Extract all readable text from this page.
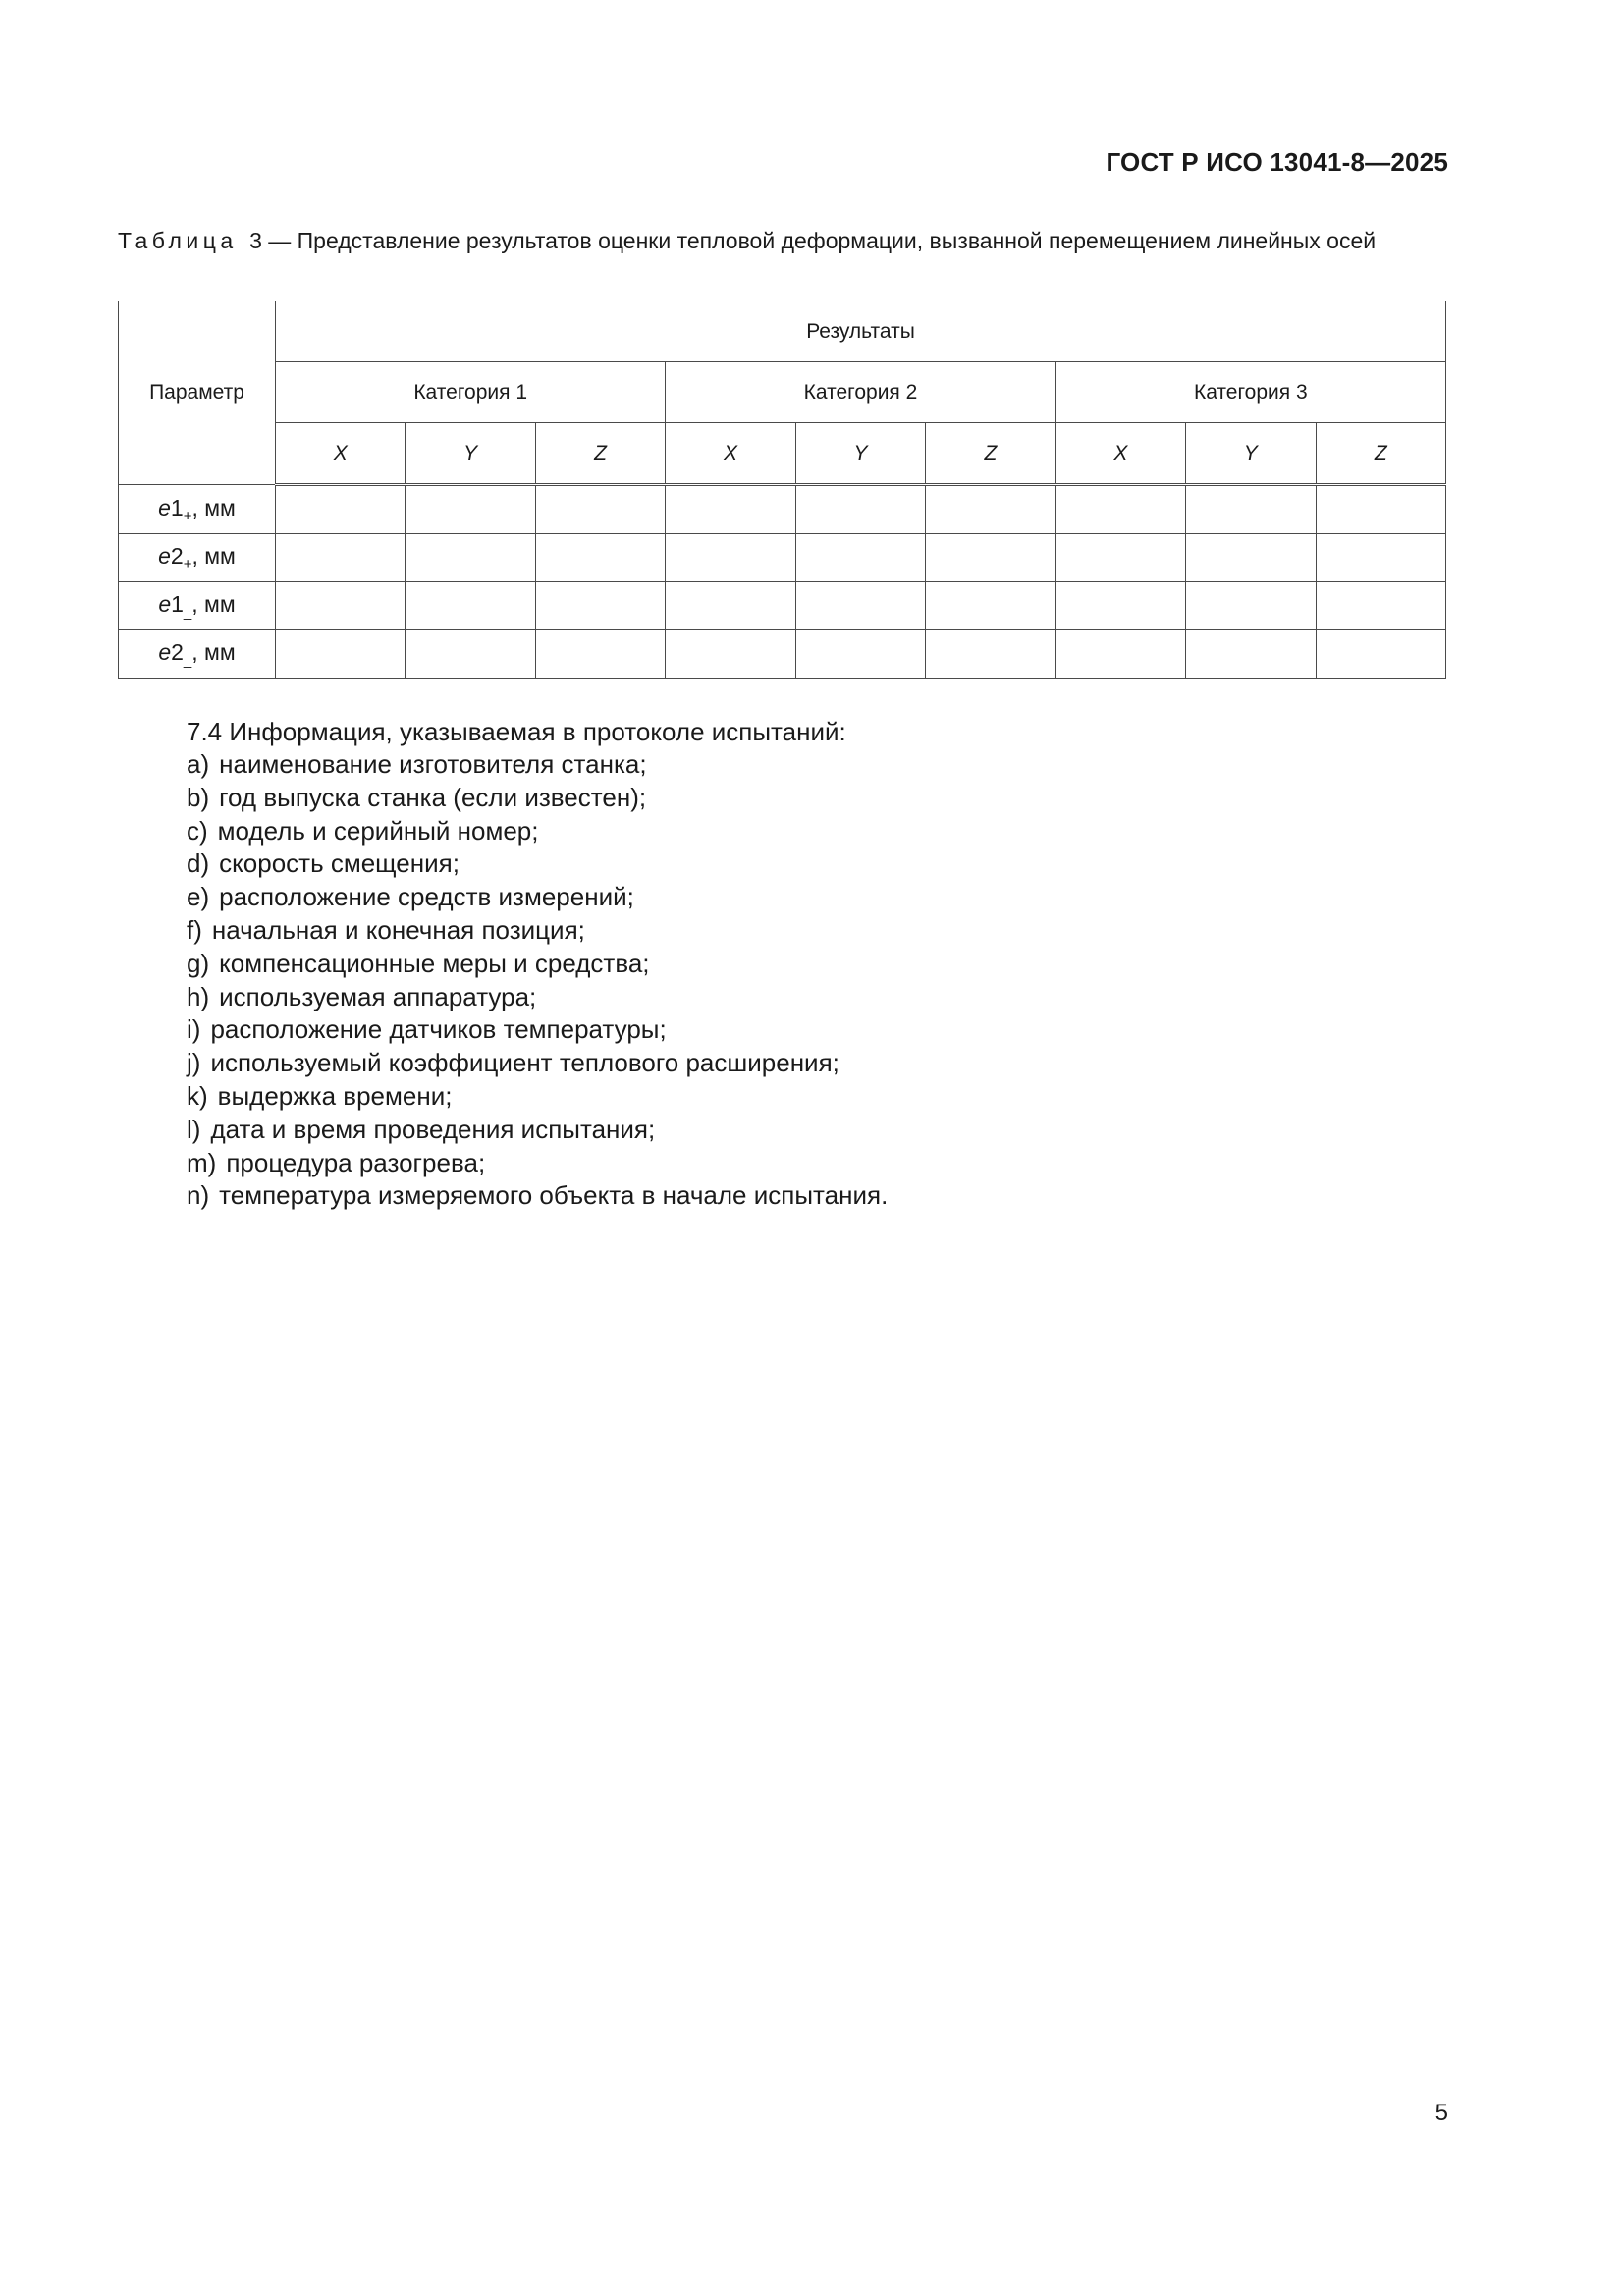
ГОСТ Р ИСО 13041-8—2025
Таблица 3 — Представление результатов оценки тепловой деформации, вызванной перемещением линейных осей
Параметр	Результаты								
	Категория 1			Категория 2			Категория 3		
	X	Y	Z	X	Y	Z	X	Y	Z
$e1_+$, мм									
$e2_+$, мм									
$e1_{\_}$, мм									
$e2_{\_}$, мм									
7.4 Информация, указываемая в протоколе испытаний:
a) наименование изготовителя станка;
b) год выпуска станка (если известен);
c) модель и серийный номер;
d) скорость смещения;
e) расположение средств измерений;
f) начальная и конечная позиция;
g) компенсационные меры и средства;
h) используемая аппаратура;
i) расположение датчиков температуры;
j) используемый коэффициент теплового расширения;
k) выдержка времени;
l) дата и время проведения испытания;
m) процедура разогрева;
n) температура измеряемого объекта в начале испытания.
5
